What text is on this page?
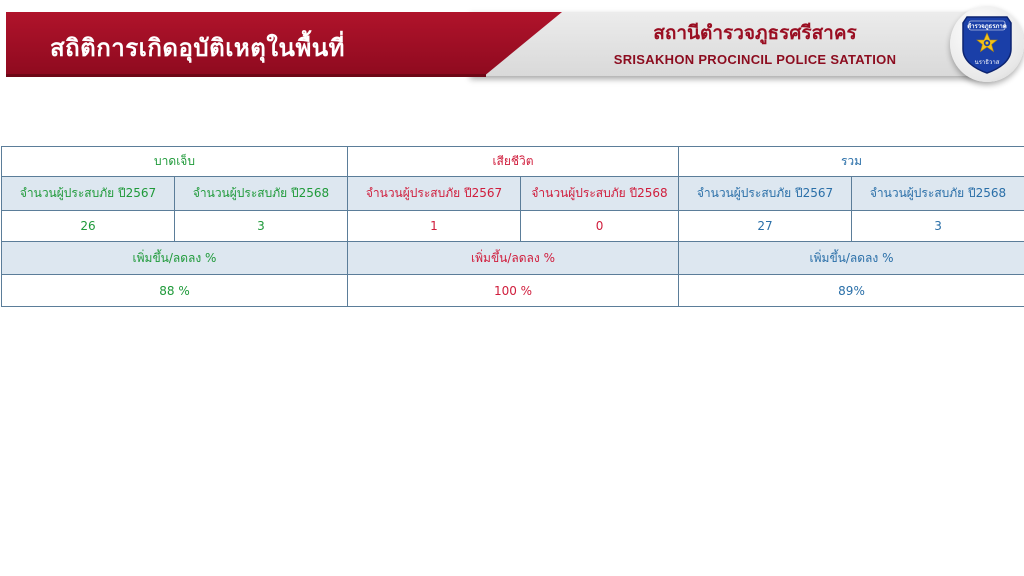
สถิติการเกิดอุบัติเหตุในพื้นที่
สถานีตำรวจภูธรศรีสาคร
SRISAKHON PROCINCIL POLICE SATATION
ตำรวจภูธรภาค
นราธิวาส
บาดเจ็บ		เสียชีวิต		รวม	
จำนวนผู้ประสบภัย ปี2567	จำนวนผู้ประสบภัย ปี2568	จำนวนผู้ประสบภัย ปี2567	จำนวนผู้ประสบภัย ปี2568	จำนวนผู้ประสบภัย ปี2567	จำนวนผู้ประสบภัย ปี2568
26	3	1	0	27	3
เพิ่มขึ้น/ลดลง %		เพิ่มขึ้น/ลดลง %		เพิ่มขึ้น/ลดลง %	
88 %		100 %		89%	
